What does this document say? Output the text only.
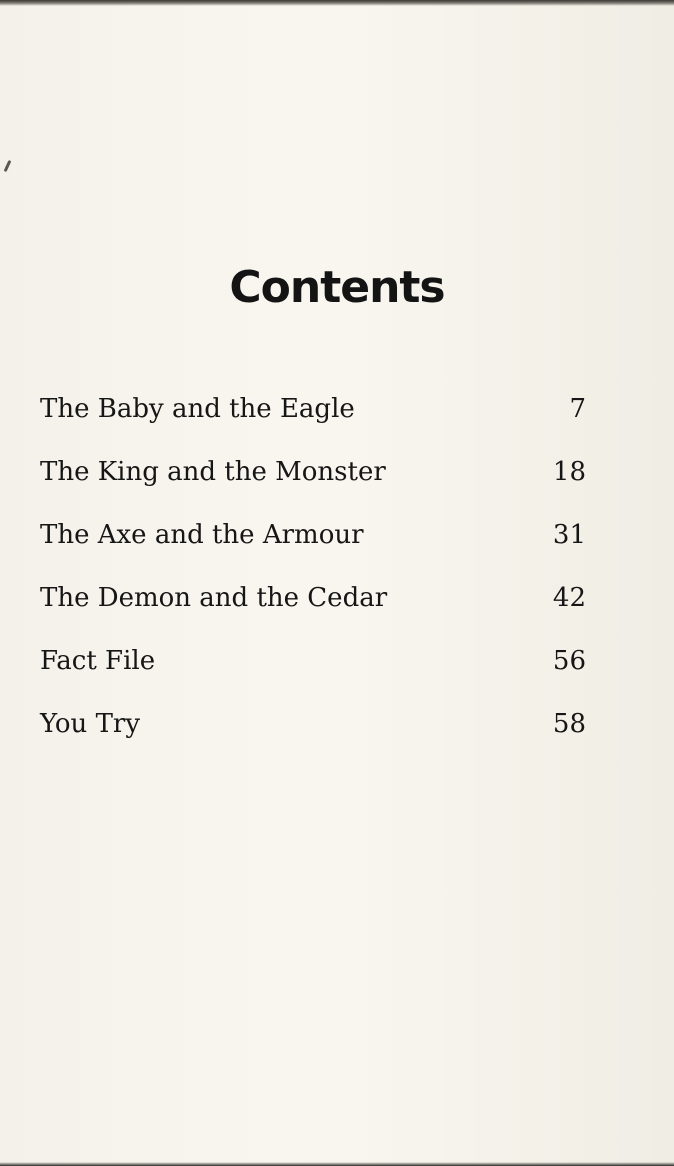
Contents
The Baby and the Eagle	7
The King and the Monster	18
The Axe and the Armour	31
The Demon and the Cedar	42
Fact File	56
You Try	58
